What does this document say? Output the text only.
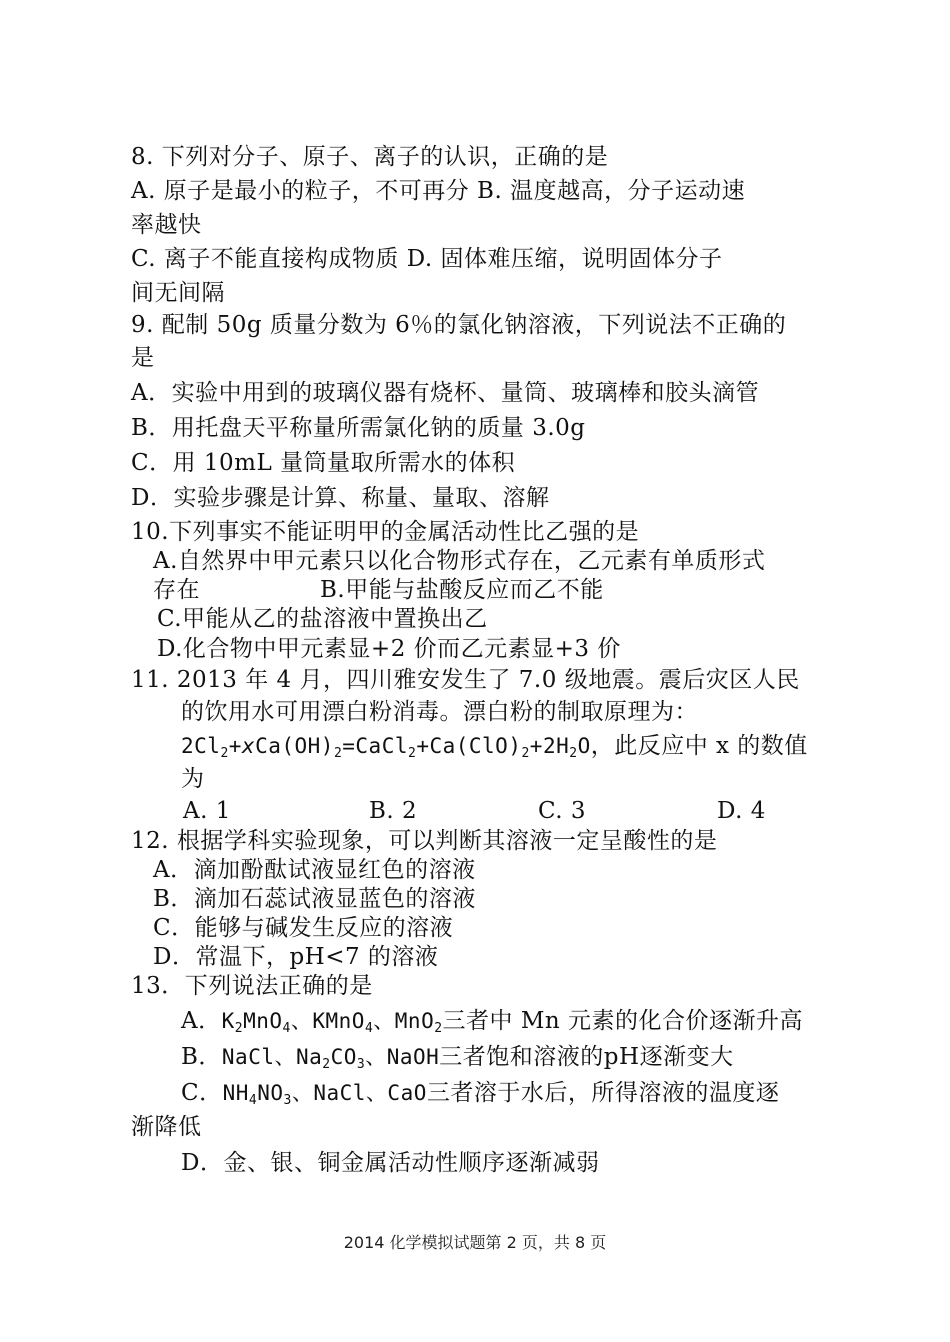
8. 下列对分子、原子、离子的认识，正确的是
A. 原子是最小的粒子，不可再分 B. 温度越高，分子运动速
率越快
C. 离子不能直接构成物质 D. 固体难压缩，说明固体分子
间无间隔
9. 配制 50g 质量分数为 6％的氯化钠溶液，下列说法不正确的
是
A．实验中用到的玻璃仪器有烧杯、量筒、玻璃棒和胶头滴管
B．用托盘天平称量所需氯化钠的质量 3.0g
C．用 10mL 量筒量取所需水的体积
D．实验步骤是计算、称量、量取、溶解
10.下列事实不能证明甲的金属活动性比乙强的是
A.自然界中甲元素只以化合物形式存在，乙元素有单质形式
存在	B.甲能与盐酸反应而乙不能
C.甲能从乙的盐溶液中置换出乙
D.化合物中甲元素显+2 价而乙元素显+3 价
11. 2013 年 4 月，四川雅安发生了 7.0 级地震。震后灾区人民
的饮用水可用漂白粉消毒。漂白粉的制取原理为：
$2Cl_2+xCa(OH)_2=CaCl_2+Ca(ClO)_2+2H_2O$，此反应中 x 的数值
为
A. 1	B. 2	C. 3	D. 4
12. 根据学科实验现象，可以判断其溶液一定呈酸性的是
A．滴加酚酞试液显红色的溶液
B．滴加石蕊试液显蓝色的溶液
C．能够与碱发生反应的溶液
D．常温下，pH<7 的溶液
13．下列说法正确的是
A．$K_2MnO_4$、KMnO$_4$、MnO$_2$三者中 Mn 元素的化合价逐渐升高
B．NaCl、$Na_2CO_3$、NaOH三者饱和溶液的pH逐渐变大
C．$NH_4NO_3$、NaCl、CaO三者溶于水后，所得溶液的温度逐
渐降低
D．金、银、铜金属活动性顺序逐渐减弱
2014 化学模拟试题第 2 页，共 8 页
